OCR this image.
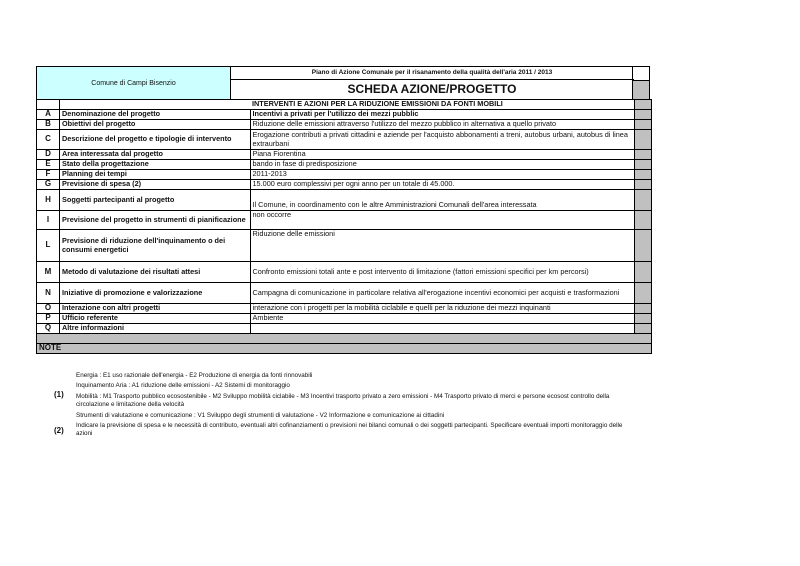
Comune di Campi Bisenzio
Piano di Azione Comunale per il risanamento della qualità dell'aria 2011 / 2013
SCHEDA AZIONE/PROGETTO
		INTERVENTI E AZIONI PER LA RIDUZIONE EMISSIONI DA FONTI MOBILI	
A	Denominazione del progetto	Incentivi a privati per l'utilizzo dei mezzi pubblic	
B	Obiettivi del progetto	Riduzione delle emissioni attraverso l'utilizzo del mezzo pubblico in alternativa a quello privato	
C	Descrizione del progetto e tipologie di intervento	Erogazione contributi a privati cittadini e aziende per l'acquisto abbonamenti a treni, autobus urbani, autobus di linea extraurbani	
D	Area interessata dal progetto	Piana Fiorentina	
E	Stato della progettazione	bando in fase di predisposizione	
F	Planning dei tempi	2011-2013	
G	Previsione di spesa (2)	15.000 euro complessivi per ogni anno per un totale di 45.000.	
H	Soggetti partecipanti al progetto	Il Comune, in coordinamento con le altre Amministrazioni Comunali dell'area interessata	
I	Previsione del progetto in strumenti di pianificazione	non occorre	
L	Previsione di riduzione dell'inquinamento o dei consumi energetici	Riduzione delle emissioni	
M	Metodo di valutazione dei risultati attesi	Confronto emissioni totali ante e post intervento di limitazione (fattori emissioni specifici per km percorsi)	
N	Iniziative di promozione e valorizzazione	Campagna di comunicazione in particolare relativa all'erogazione incentivi economici per acquisti e trasformazioni	
O	Interazione con altri progetti	interazione con i progetti per la mobilità ciclabile e quelli per la riduzione dei mezzi inquinanti	
P	Ufficio referente	Ambiente	
Q	Altre informazioni		

NOTE			
(1)
Energia : E1 uso razionale dell'energia - E2 Produzione di energia da fonti rinnovabili
Inquinamento Aria : A1 riduzione delle emissioni - A2 Sistemi di monitoraggio
Mobilità : M1 Trasporto pubblico ecosostenibile - M2 Sviluppo mobilità ciclabile - M3 Incentivi trasporto privato a zero emissioni - M4 Trasporto privato di merci e persone ecosost controllo della circolazione e limitazione della velocità
Strumenti di valutazione e comunicazione : V1 Sviluppo degli strumenti di valutazione - V2 Informazione e comunicazione ai cittadini
(2)
Indicare la previsione di spesa e le necessità di contributo, eventuali altri cofinanziamenti o previsioni nei bilanci comunali o dei soggetti partecipanti. Specificare eventuali importi monitoraggio delle azioni
